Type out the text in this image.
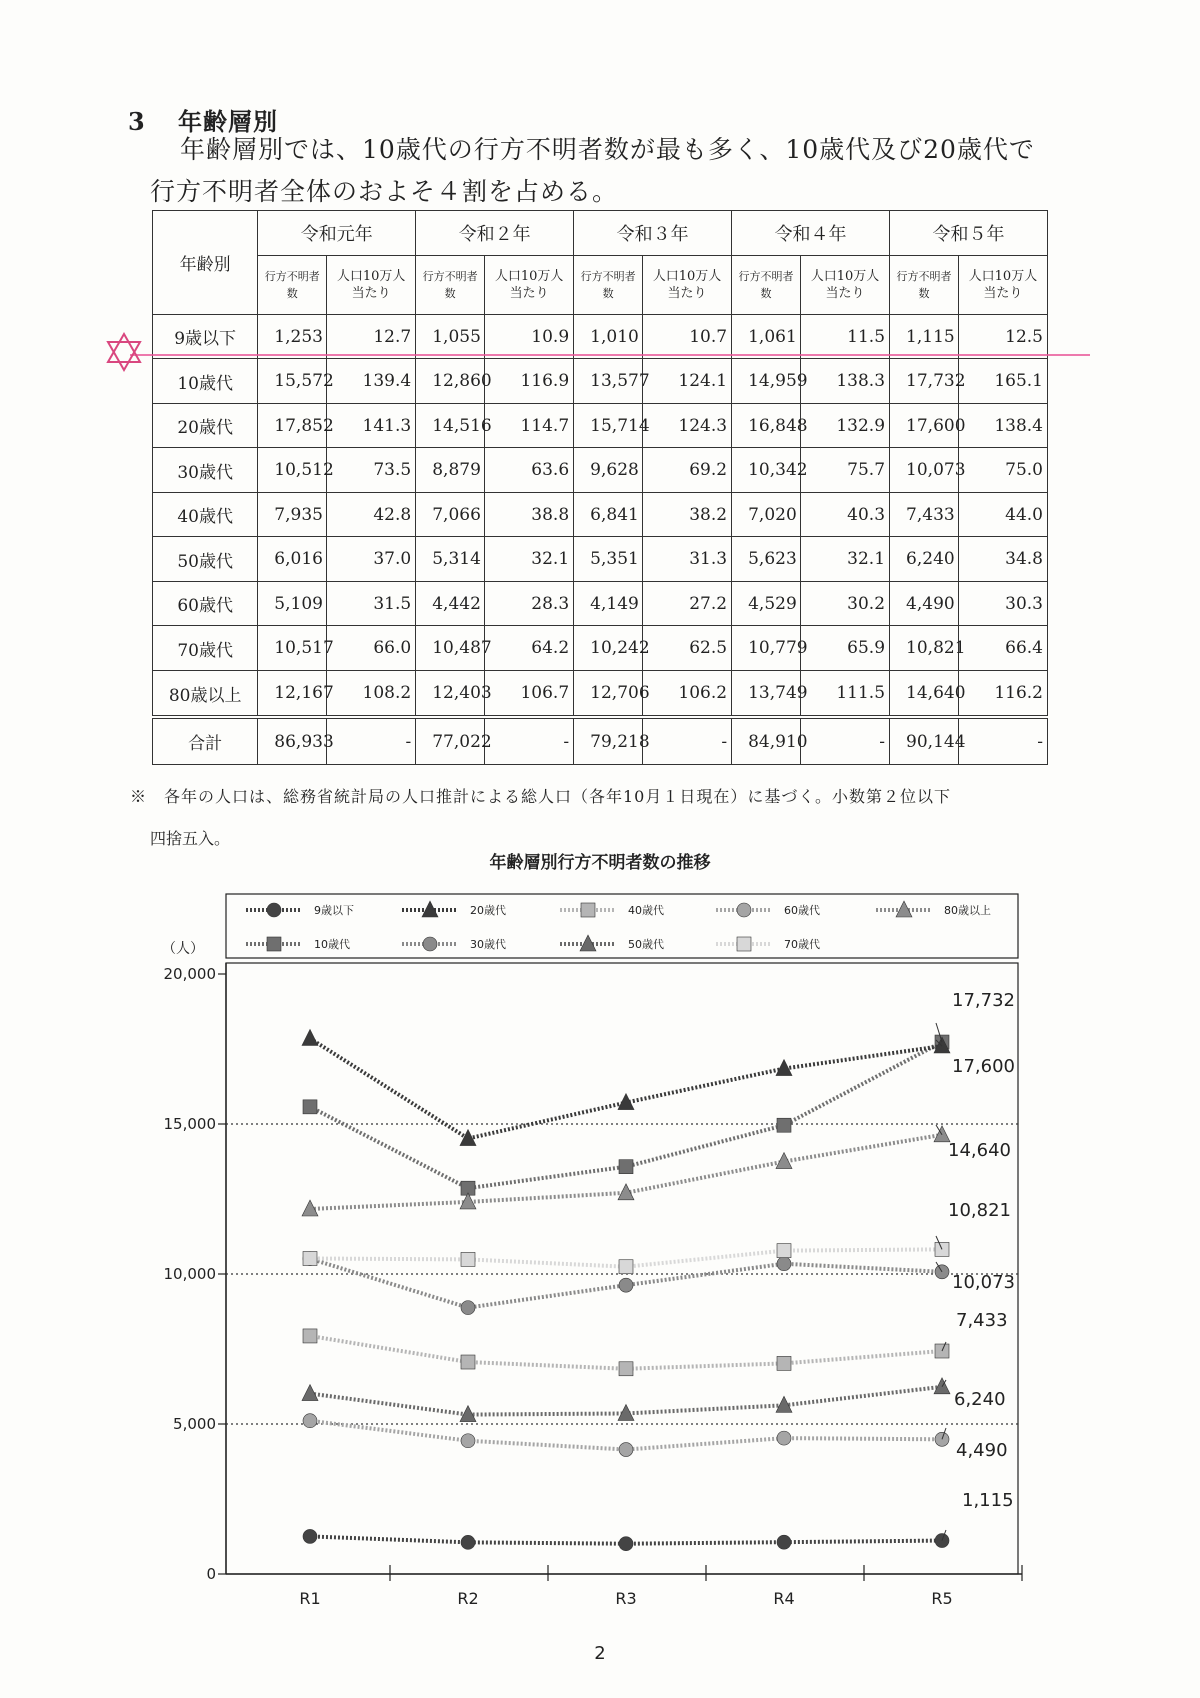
3 年齢層別
年齢層別では、10歳代の行方不明者数が最も多く、10歳代及び20歳代で
行方不明者全体のおよそ４割を占める。
年齢別	令和元年		令和２年		令和３年		令和４年		令和５年	
	行方不明者数	人口10万人当たり	行方不明者数	人口10万人当たり	行方不明者数	人口10万人当たり	行方不明者数	人口10万人当たり	行方不明者数	人口10万人当たり
9歳以下	1,253	12.7	1,055	10.9	1,010	10.7	1,061	11.5	1,115	12.5
10歳代	15,572	139.4	12,860	116.9	13,577	124.1	14,959	138.3	17,732	165.1
20歳代	17,852	141.3	14,516	114.7	15,714	124.3	16,848	132.9	17,600	138.4
30歳代	10,512	73.5	8,879	63.6	9,628	69.2	10,342	75.7	10,073	75.0
40歳代	7,935	42.8	7,066	38.8	6,841	38.2	7,020	40.3	7,433	44.0
50歳代	6,016	37.0	5,314	32.1	5,351	31.3	5,623	32.1	6,240	34.8
60歳代	5,109	31.5	4,442	28.3	4,149	27.2	4,529	30.2	4,490	30.3
70歳代	10,517	66.0	10,487	64.2	10,242	62.5	10,779	65.9	10,821	66.4
80歳以上	12,167	108.2	12,403	106.7	12,706	106.2	13,749	111.5	14,640	116.2
合計	86,933	-	77,022	-	79,218	-	84,910	-	90,144	-
※　各年の人口は、総務省統計局の人口推計による総人口（各年10月１日現在）に基づく。小数第２位以下
四捨五入。
年齢層別行方不明者数の推移
0
5,000
10,000
15,000
20,000
（人）
R1	R2	R3	R4	R5
9歳以下
10歳代
20歳代
30歳代
40歳代
50歳代
60歳代
70歳代
80歳以上
17,732
17,600
14,640
10,821
10,073
7,433
6,240
4,490
1,115
2
